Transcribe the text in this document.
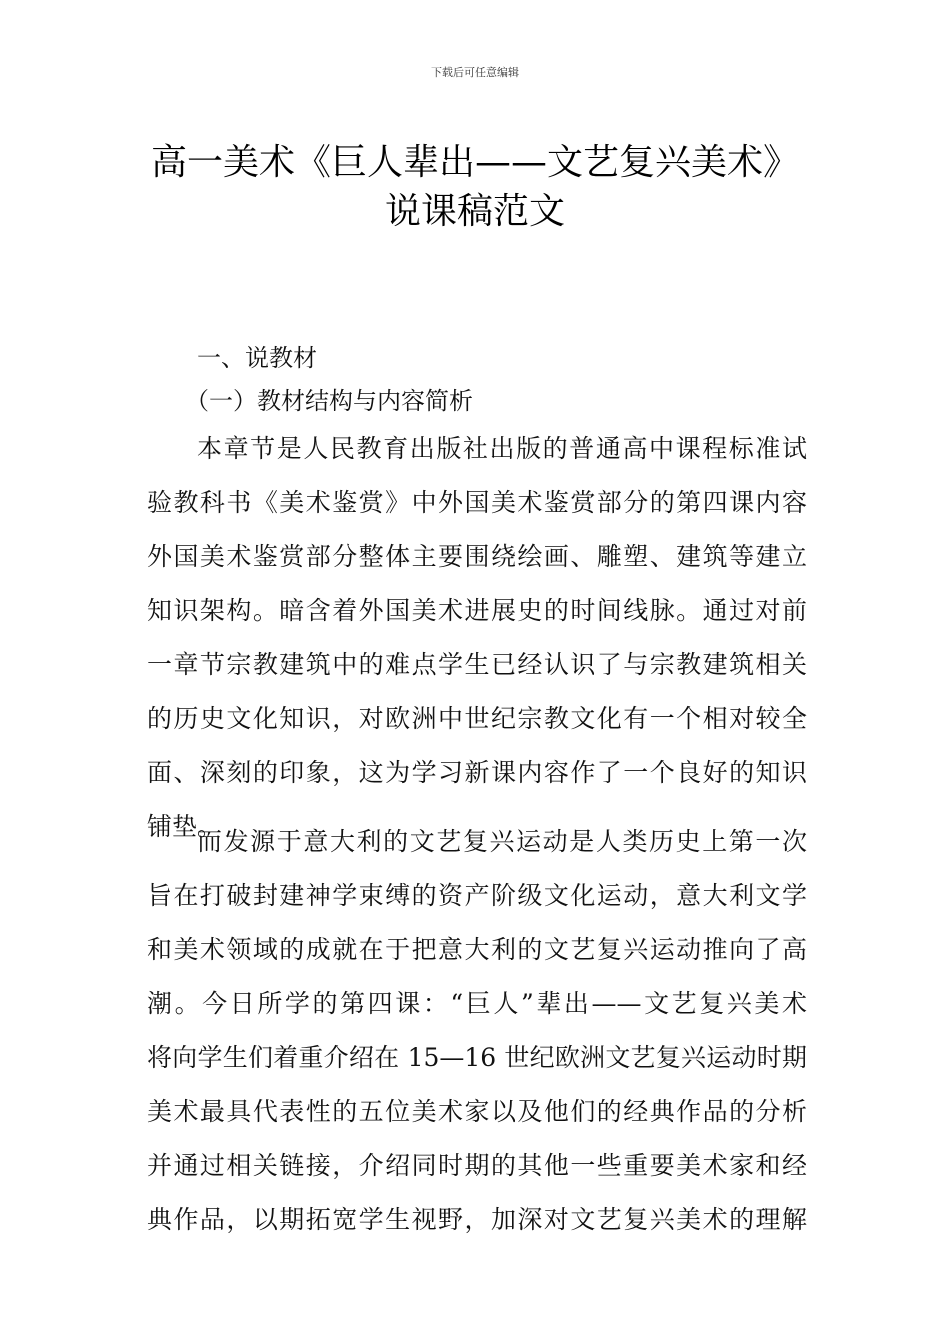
下载后可任意编辑
高一美术《巨人辈出——文艺复兴美术》
说课稿范文
一、说教材
（一）教材结构与内容简析
本章节是人民教育出版社出版的普通高中课程标准试
验教科书《美术鉴赏》中外国美术鉴赏部分的第四课内容
外国美术鉴赏部分整体主要围绕绘画、雕塑、建筑等建立
知识架构。暗含着外国美术进展史的时间线脉。通过对前
一章节宗教建筑中的难点学生已经认识了与宗教建筑相关
的历史文化知识，对欧洲中世纪宗教文化有一个相对较全
面、深刻的印象，这为学习新课内容作了一个良好的知识
铺垫。
而发源于意大利的文艺复兴运动是人类历史上第一次
旨在打破封建神学束缚的资产阶级文化运动，意大利文学
和美术领域的成就在于把意大利的文艺复兴运动推向了高
潮。今日所学的第四课：“巨人”辈出——文艺复兴美术
将向学生们着重介绍在 15—16 世纪欧洲文艺复兴运动时期
美术最具代表性的五位美术家以及他们的经典作品的分析
并通过相关链接，介绍同时期的其他一些重要美术家和经
典作品，以期拓宽学生视野，加深对文艺复兴美术的理解
